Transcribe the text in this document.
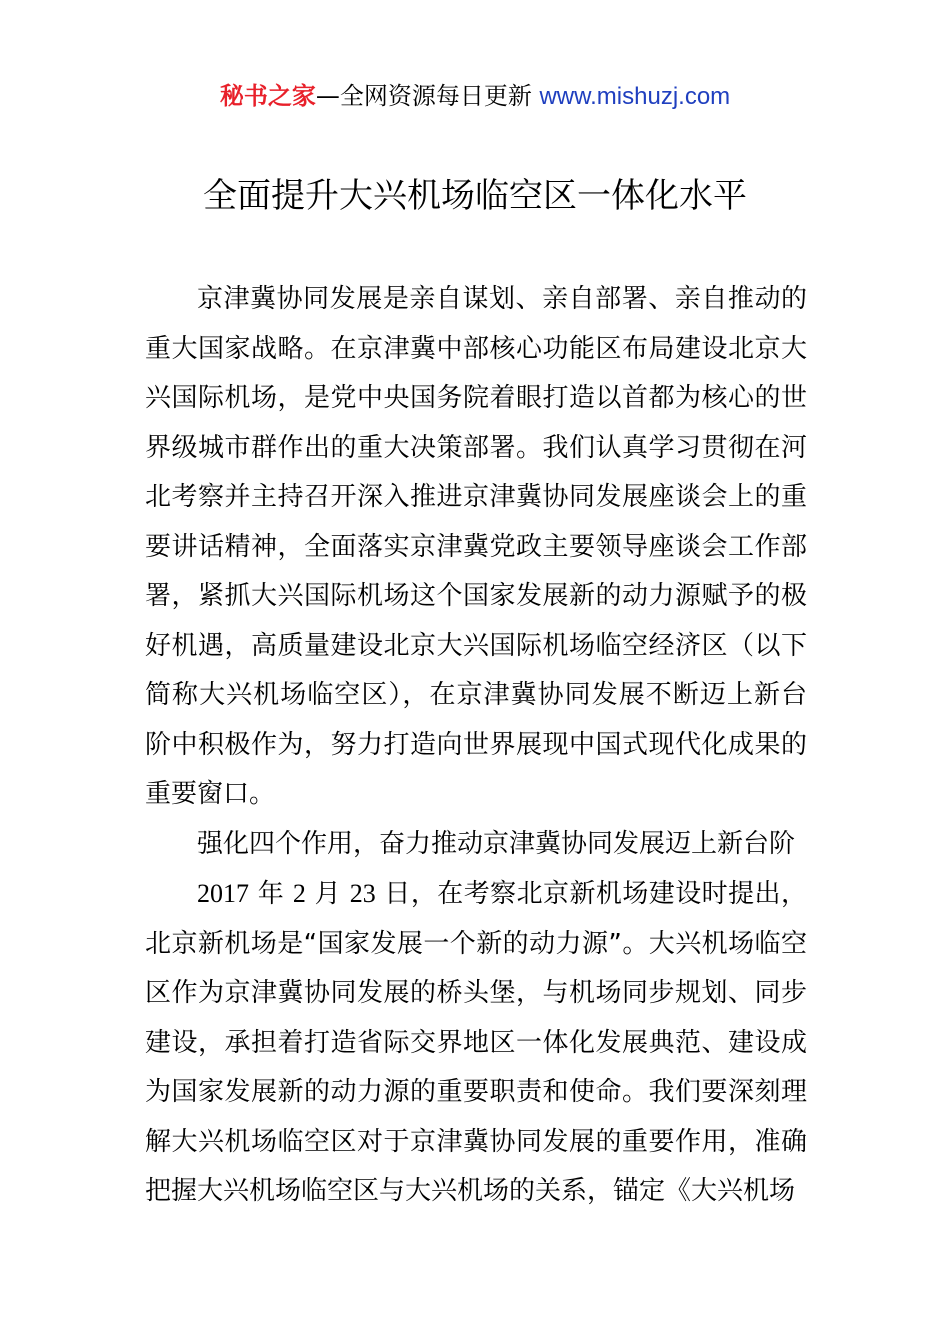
秘书之家—全网资源每日更新 www.mishuzj.com
全面提升大兴机场临空区一体化水平

京津冀协同发展是亲自谋划、亲自部署、亲自推动的重大国家战略。在京津冀中部核心功能区布局建设北京大兴国际机场，是党中央国务院着眼打造以首都为核心的世界级城市群作出的重大决策部署。我们认真学习贯彻在河北考察并主持召开深入推进京津冀协同发展座谈会上的重要讲话精神，全面落实京津冀党政主要领导座谈会工作部署，紧抓大兴国际机场这个国家发展新的动力源赋予的极好机遇，高质量建设北京大兴国际机场临空经济区（以下简称大兴机场临空区），在京津冀协同发展不断迈上新台阶中积极作为，努力打造向世界展现中国式现代化成果的重要窗口。

强化四个作用，奋力推动京津冀协同发展迈上新台阶

2017 年 2 月 23 日，在考察北京新机场建设时提出，北京新机场是“国家发展一个新的动力源”。大兴机场临空区作为京津冀协同发展的桥头堡，与机场同步规划、同步建设，承担着打造省际交界地区一体化发展典范、建设成为国家发展新的动力源的重要职责和使命。我们要深刻理解大兴机场临空区对于京津冀协同发展的重要作用，准确把握大兴机场临空区与大兴机场的关系，锚定《大兴机场
